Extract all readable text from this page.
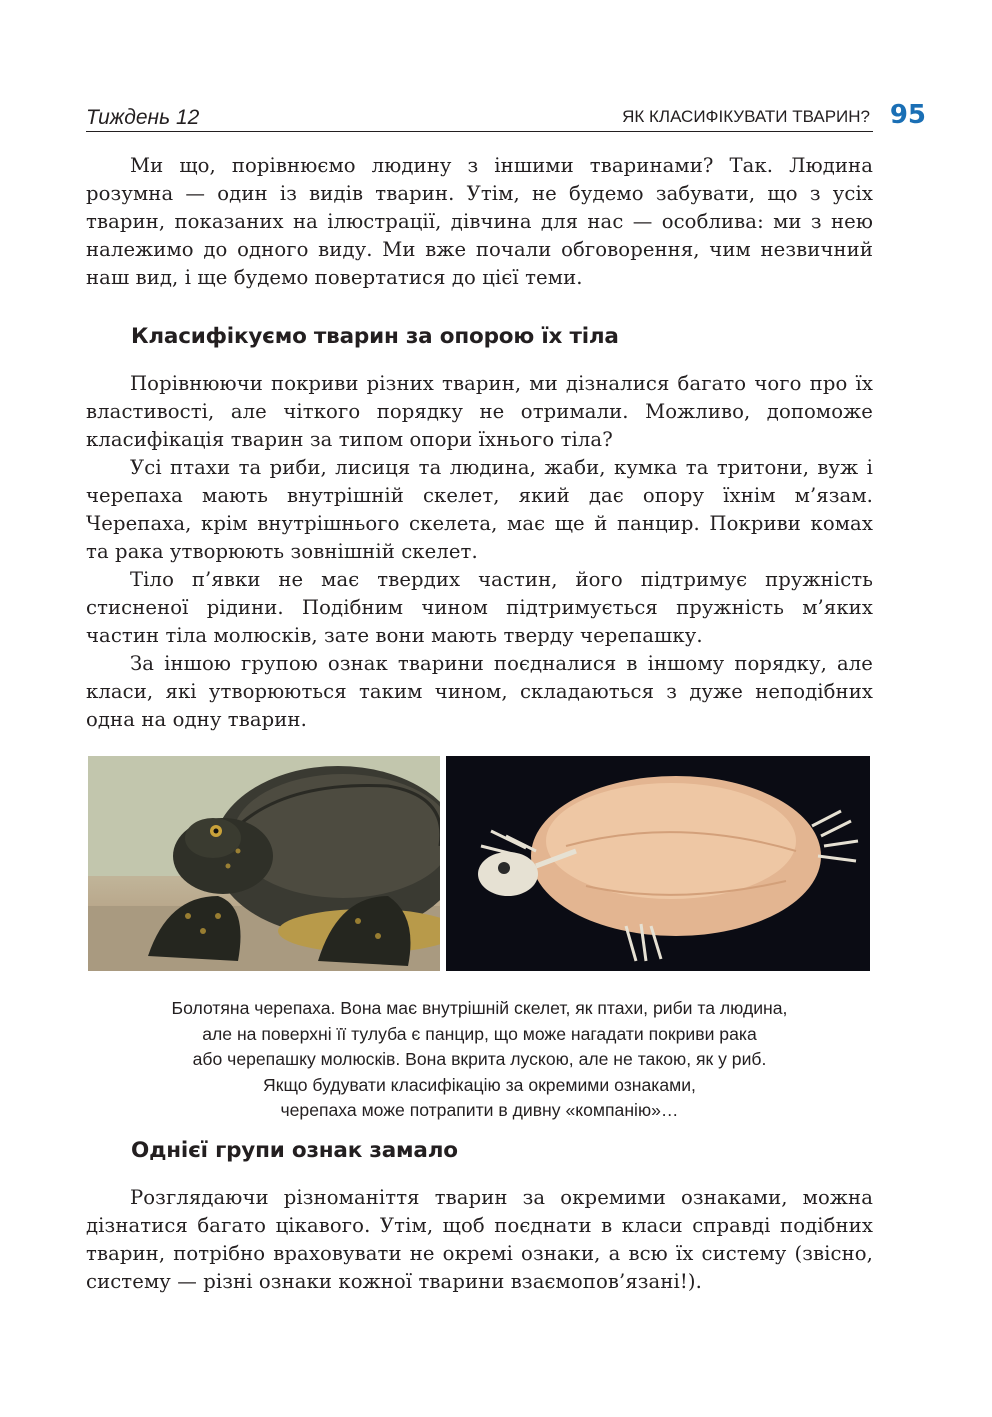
Тиждень 12	ЯК КЛАСИФІКУВАТИ ТВАРИН? 95

Ми що, порівнюємо людину з іншими тваринами? Так. Людина розумна — один із видів тварин. Утім, не будемо забувати, що з усіх тварин, показаних на ілюстрації, дівчина для нас — особлива: ми з нею належимо до одного виду. Ми вже почали обговорення, чим незвичний наш вид, і ще будемо повертатися до цієї теми.

Класифікуємо тварин за опорою їх тіла

Порівнюючи покриви різних тварин, ми дізналися багато чого про їх властивості, але чіткого порядку не отримали. Можливо, допоможе класифікація тварин за типом опори їхнього тіла?

Усі птахи та риби, лисиця та людина, жаби, кумка та тритони, вуж і черепаха мають внутрішній скелет, який дає опору їхнім м’язам. Черепаха, крім внутрішнього скелета, має ще й панцир. Покриви комах та рака утворюють зовнішній скелет.

Тіло п’явки не має твердих частин, його підтримує пружність стисненої рідини. Подібним чином підтримується пружність м’яких частин тіла молюсків, зате вони мають тверду черепашку.

За іншою групою ознак тварини поєдналися в іншому порядку, але класи, які утворюються таким чином, складаються з дуже неподібних одна на одну тварин.

Болотяна черепаха. Вона має внутрішній скелет, як птахи, риби та людина,
але на поверхні її тулуба є панцир, що може нагадати покриви рака
або черепашку молюсків. Вона вкрита лускою, але не такою, як у риб.
Якщо будувати класифікацію за окремими ознаками,
черепаха може потрапити в дивну «компанію»…
Однієї групи ознак замало

Розглядаючи різноманіття тварин за окремими ознаками, можна дізнатися багато цікавого. Утім, щоб поєднати в класи справді подібних тварин, потрібно враховувати не окремі ознаки, а всю їх систему (звісно, систему — різні ознаки кожної тварини взаємопов’язані!).
